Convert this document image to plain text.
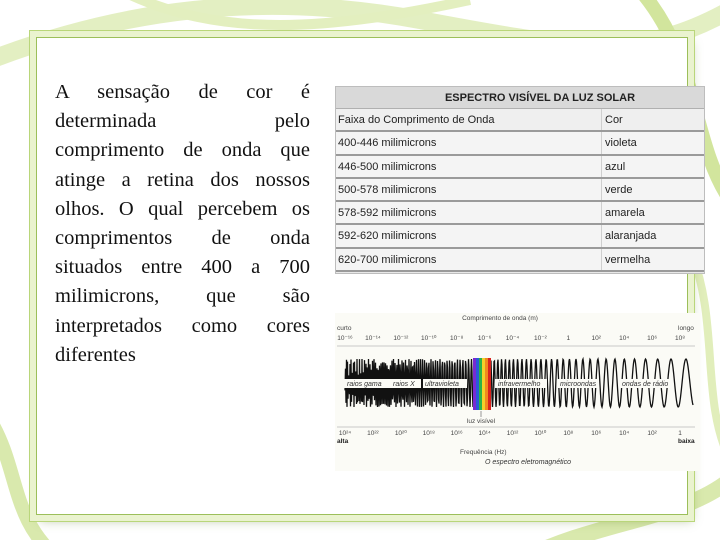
A sensação de cor é determinada pelo comprimento de onda que atinge a retina dos nossos olhos. O qual percebem os comprimentos de onda situados entre 400 a 700 milimicrons, que são interpretados como cores diferentes

ESPECTRO VISÍVEL DA LUZ SOLAR
Faixa do Comprimento de Onda	Cor
400-446 milimicrons	violeta
446-500 milimicrons	azul
500-578 milimicrons	verde
578-592 milimicrons	amarela
592-620 milimicrons	alaranjada
620-700 milimicrons	vermelha
Comprimento de onda (m)
curto	longo
10⁻¹⁶ 10⁻¹⁴ 10⁻¹² 10⁻¹⁰ 10⁻⁸ 10⁻⁶ 10⁻⁴ 10⁻²	1	10²	10⁴	10⁶	10⁸
raios gama raios X ultravioleta	infravermelho	microondas	ondas de rádio
luz visível
10²⁴ 10²² 10²⁰ 10¹⁸ 10¹⁶ 10¹⁴ 10¹² 10¹⁰	10⁸	10⁶	10⁴	10²	1
alta	baixa
Frequência (Hz)
O espectro eletromagnético
